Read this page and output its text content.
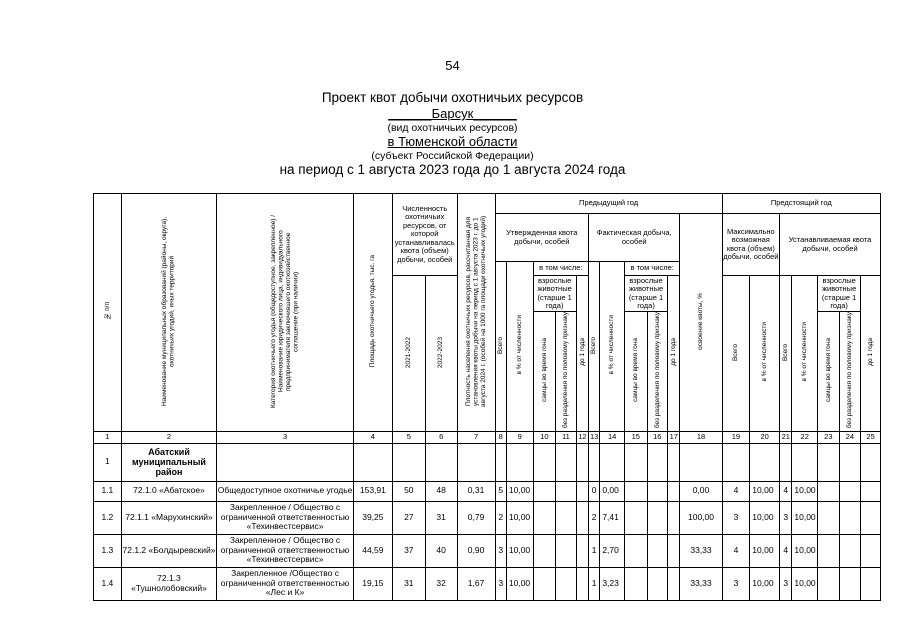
54
Проект квот добычи охотничьих ресурсов
______Барсук______
(вид охотничьих ресурсов)
в Тюменской области
(субъект Российской Федерации)
на период с 1 августа 2023 года до 1 августа 2024 года
№ п/п	Наименование муниципальных образований (районы, округа), охотничьих угодий, иных территорий	Категория охотничьего угодья (общедоступное, закрепленное) / Наименование юридического лица, индивидуального предпринимателя заключившего охотхозяйственное соглашение (при наличии)	Площадь охотничьего угодья, тыс. га	Численность охотничьих ресурсов, от которой устанавливалась квота (объем) добычи, особей		Плотность населения охотничьих ресурсов, рассчитанная для установления квоты добычи на период с 1 августа 2023 г. до 1 августа 2024 г. (особей на 1000 га площади охотничьих угодий)	Предыдущий год											Предстоящий год						
							Утвержденная квота добычи, особей					Фактическая добыча, особей					освоение квоты, %	Максимально возможная квота (объем) добычи, особей		Устанавливаемая квота добычи, особей				
							Всего	в % от численности	в том числе:			Всего	в % от численности	в том числе:										
				2021-2022	2022-2023				взрослые животные (старше 1 года)		до 1 года			взрослые животные (старше 1 года)		до 1 года		Всего	в % от численности	Всего	в % от численности	взрослые животные (старше 1 года)		до 1 года
									самцы во время гона	без разделения по половому признаку				самцы во время гона	без разделения по половому признаку							самцы во время гона	без разделения по половому признаку	
1	2	3	4	5	6	7	8	9	10	11	12	13	14	15	16	17	18	19	20	21	22	23	24	25
1	Абатский муниципальный район																							
1.1	72.1.0 «Абатское»	Общедоступное охотничье угодье	153,91	50	48	0,31	5	10,00				0	0,00				0,00	4	10,00	4	10,00			
1.2	72.1.1 «Марухинский»	Закрепленное / Общество с ограниченной ответственностью «Техинвестсервис»	39,25	27	31	0,79	2	10,00				2	7,41				100,00	3	10,00	3	10,00			
1.3	72.1.2 «Болдыревский»	Закрепленное / Общество с ограниченной ответственностью «Техинвестсервис»	44,59	37	40	0,90	3	10,00				1	2,70				33,33	4	10,00	4	10,00			
1.4	72.1.3 «Тушнолобовский»	Закрепленное /Общество с ограниченной ответственностью «Лес и К»	19,15	31	32	1,67	3	10,00				1	3,23				33,33	3	10,00	3	10,00			
